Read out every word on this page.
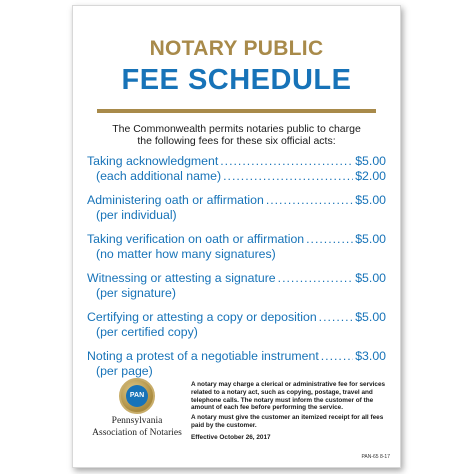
NOTARY PUBLIC
FEE SCHEDULE
The Commonwealth permits notaries public to charge
the following fees for these six official acts:
Taking acknowledgment .....	$5.00
(each additional name) .....	$2.00
Administering oath or affirmation .....	$5.00
(per individual)
Taking verification on oath or affirmation .....	$5.00
(no matter how many signatures)
Witnessing or attesting a signature .....	$5.00
(per signature)
Certifying or attesting a copy or deposition .....	$5.00
(per certified copy)
Noting a protest of a negotiable instrument .....	$3.00
(per page)
PAN
Pennsylvania
Association of Notaries

A notary may charge a clerical or administrative fee for services related to a notary act, such as copying, postage, travel and telephone calls. The notary must inform the customer of the amount of each fee before performing the service.

A notary must give the customer an itemized receipt for all fees paid by the customer.

Effective October 26, 2017

PAN-65 8-17
